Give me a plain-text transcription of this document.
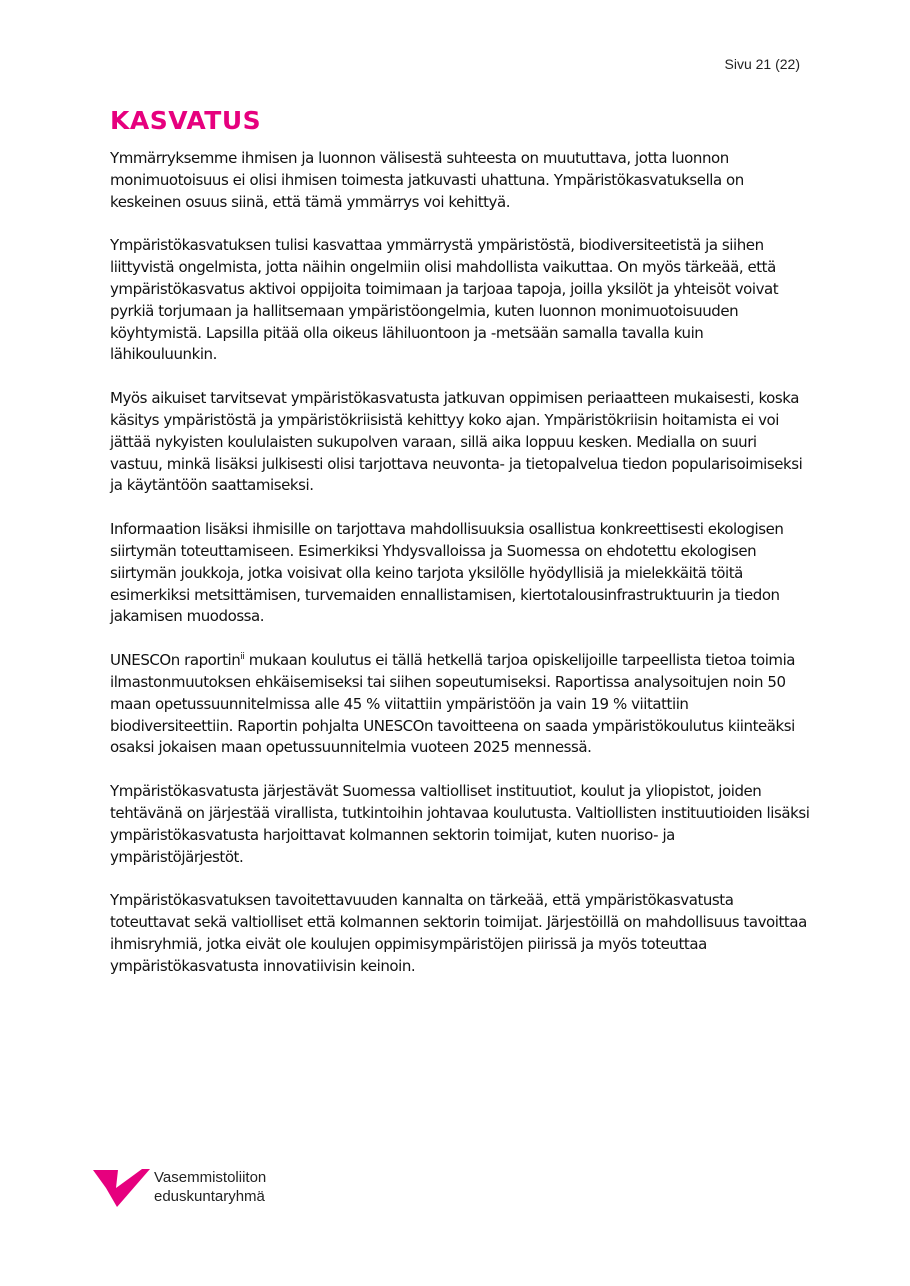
Sivu 21 (22)
KASVATUS

Ymmärryksemme ihmisen ja luonnon välisestä suhteesta on muututtava, jotta luonnon monimuotoisuus ei olisi ihmisen toimesta jatkuvasti uhattuna. Ympäristökasvatuksella on keskeinen osuus siinä, että tämä ymmärrys voi kehittyä.

Ympäristökasvatuksen tulisi kasvattaa ymmärrystä ympäristöstä, biodiversiteetistä ja siihen liittyvistä ongelmista, jotta näihin ongelmiin olisi mahdollista vaikuttaa. On myös tärkeää, että ympäristökasvatus aktivoi oppijoita toimimaan ja tarjoaa tapoja, joilla yksilöt ja yhteisöt voivat pyrkiä torjumaan ja hallitsemaan ympäristöongelmia, kuten luonnon monimuotoisuuden köyhtymistä. Lapsilla pitää olla oikeus lähiluontoon ja -metsään samalla tavalla kuin lähikouluunkin.

Myös aikuiset tarvitsevat ympäristökasvatusta jatkuvan oppimisen periaatteen mukaisesti, koska käsitys ympäristöstä ja ympäristökriisistä kehittyy koko ajan. Ympäristökriisin hoitamista ei voi jättää nykyisten koululaisten sukupolven varaan, sillä aika loppuu kesken. Medialla on suuri vastuu, minkä lisäksi julkisesti olisi tarjottava neuvonta- ja tietopalvelua tiedon popularisoimiseksi ja käytäntöön saattamiseksi.

Informaation lisäksi ihmisille on tarjottava mahdollisuuksia osallistua konkreettisesti ekologisen siirtymän toteuttamiseen. Esimerkiksi Yhdysvalloissa ja Suomessa on ehdotettu ekologisen siirtymän joukkoja, jotka voisivat olla keino tarjota yksilölle hyödyllisiä ja mielekkäitä töitä esimerkiksi metsittämisen, turvemaiden ennallistamisen, kiertotalousinfrastruktuurin ja tiedon jakamisen muodossa.

UNESCOn raportin$^{ii}$ mukaan koulutus ei tällä hetkellä tarjoa opiskelijoille tarpeellista tietoa toimia ilmastonmuutoksen ehkäisemiseksi tai siihen sopeutumiseksi. Raportissa analysoitujen noin 50 maan opetussuunnitelmissa alle 45 % viitattiin ympäristöön ja vain 19 % viitattiin biodiversiteettiin. Raportin pohjalta UNESCOn tavoitteena on saada ympäristökoulutus kiinteäksi osaksi jokaisen maan opetussuunnitelmia vuoteen 2025 mennessä.

Ympäristökasvatusta järjestävät Suomessa valtiolliset instituutiot, koulut ja yliopistot, joiden tehtävänä on järjestää virallista, tutkintoihin johtavaa koulutusta. Valtiollisten instituutioiden lisäksi ympäristökasvatusta harjoittavat kolmannen sektorin toimijat, kuten nuoriso- ja ympäristöjärjestöt.

Ympäristökasvatuksen tavoitettavuuden kannalta on tärkeää, että ympäristökasvatusta toteuttavat sekä valtiolliset että kolmannen sektorin toimijat. Järjestöillä on mahdollisuus tavoittaa ihmisryhmiä, jotka eivät ole koulujen oppimisympäristöjen piirissä ja myös toteuttaa ympäristökasvatusta innovatiivisin keinoin.

Vasemmistoliiton
eduskuntaryhmä
